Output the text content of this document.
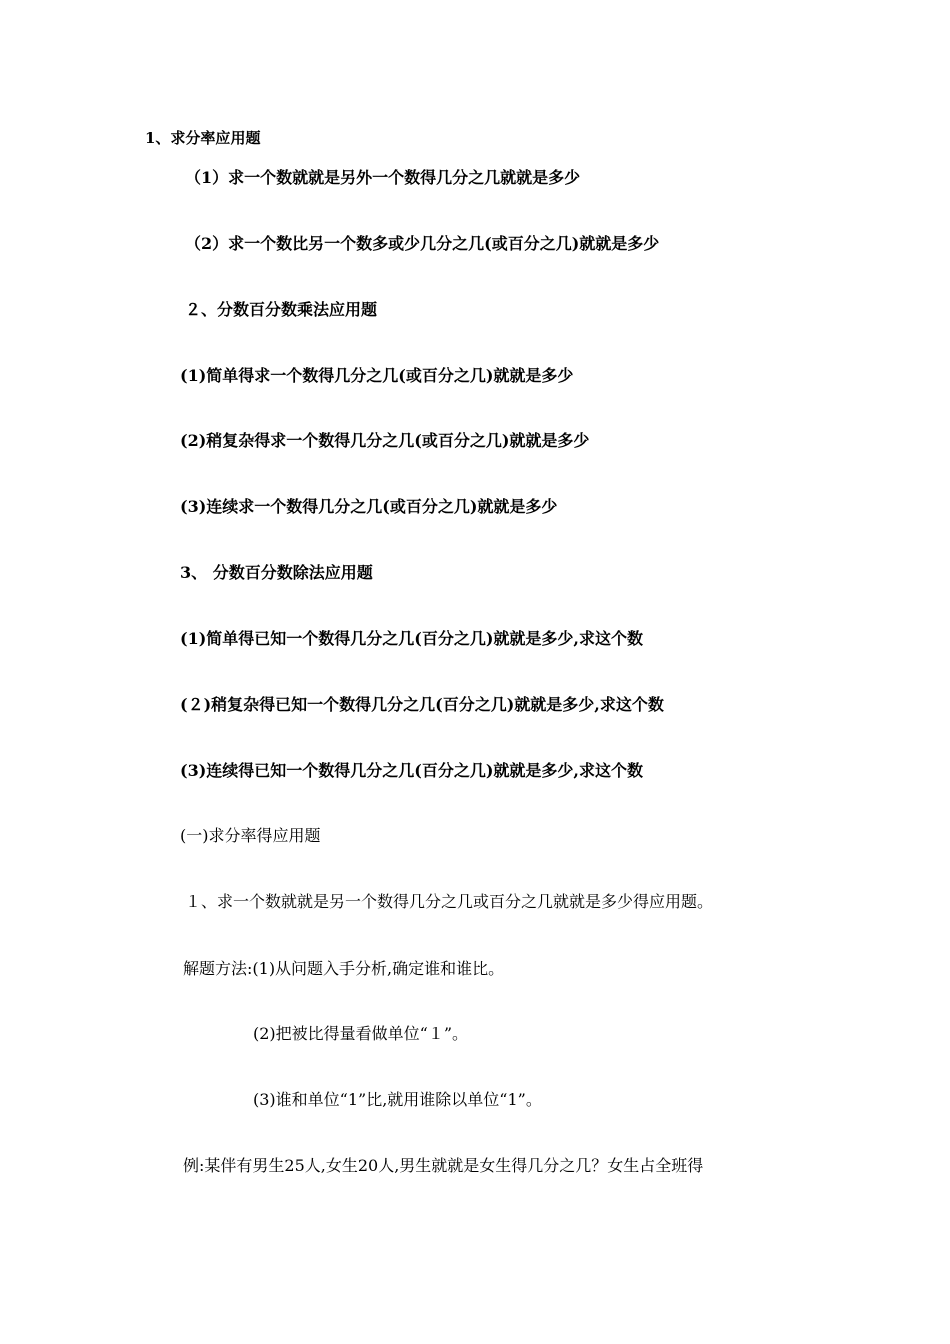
1、求分率应用题
（1）求一个数就就是另外一个数得几分之几就就是多少
（2）求一个数比另一个数多或少几分之几(或百分之几)就就是多少
２、分数百分数乘法应用题
(1)简单得求一个数得几分之几(或百分之几)就就是多少
(2)稍复杂得求一个数得几分之几(或百分之几)就就是多少
(3)连续求一个数得几分之几(或百分之几)就就是多少
3、 分数百分数除法应用题
(1)简单得已知一个数得几分之几(百分之几)就就是多少,求这个数
(２)稍复杂得已知一个数得几分之几(百分之几)就就是多少,求这个数
(3)连续得已知一个数得几分之几(百分之几)就就是多少,求这个数
(一)求分率得应用题
１、求一个数就就是另一个数得几分之几或百分之几就就是多少得应用题。
解题方法:(1)从问题入手分析,确定谁和谁比。
(2)把被比得量看做单位“１”。
(3)谁和单位“1”比,就用谁除以单位“1”。
例:某伴有男生25人,女生20人,男生就就是女生得几分之几？女生占全班得
